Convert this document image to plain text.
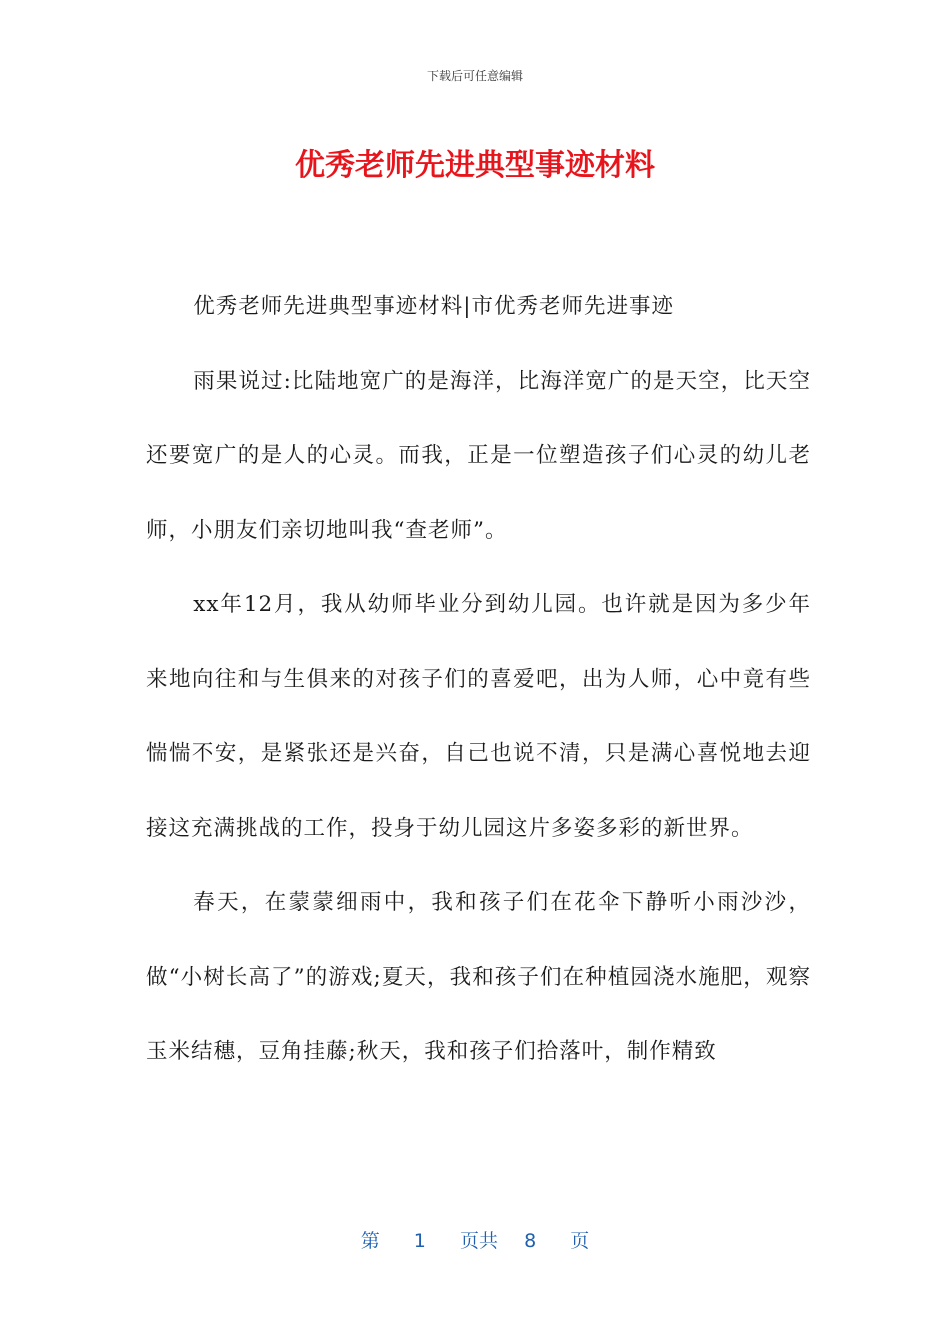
下载后可任意编辑
优秀老师先进典型事迹材料

优秀老师先进典型事迹材料|市优秀老师先进事迹

雨果说过:比陆地宽广的是海洋，比海洋宽广的是天空，比天空还要宽广的是人的心灵。而我，正是一位塑造孩子们心灵的幼儿老师，小朋友们亲切地叫我“查老师”。

xx年12月，我从幼师毕业分到幼儿园。也许就是因为多少年来地向往和与生俱来的对孩子们的喜爱吧，出为人师，心中竟有些惴惴不安，是紧张还是兴奋，自己也说不清，只是满心喜悦地去迎接这充满挑战的工作，投身于幼儿园这片多姿多彩的新世界。

春天，在蒙蒙细雨中，我和孩子们在花伞下静听小雨沙沙，做“小树长高了”的游戏;夏天，我和孩子们在种植园浇水施肥，观察玉米结穗，豆角挂藤;秋天，我和孩子们拾落叶，制作精致

第 1 页共 8 页
